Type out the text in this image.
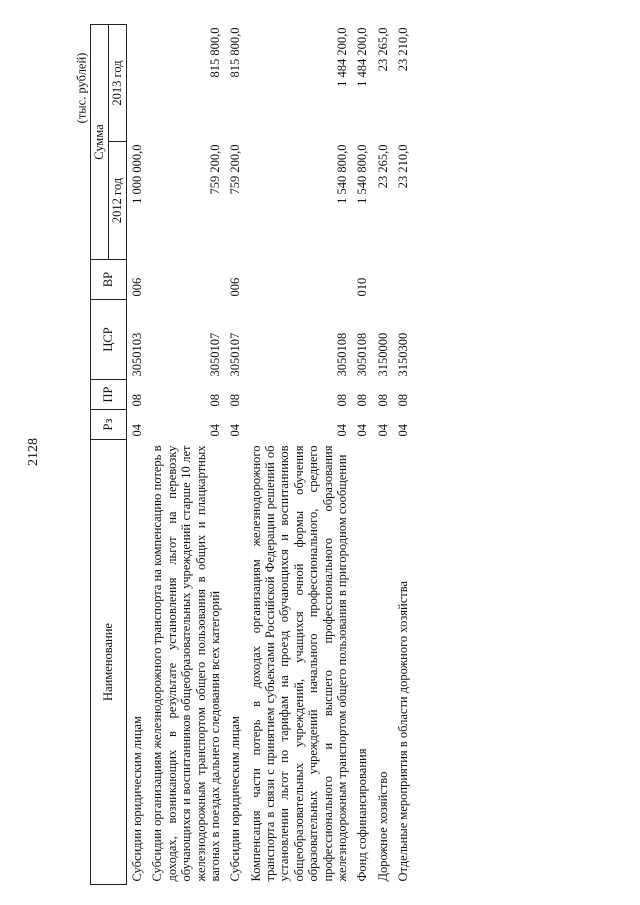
2128
(тыс. рублей)
Наименование	Рз	ПР	ЦСР	ВР	Сумма	
					2012 год	2013 год
Субсидии юридическим лицам	04	08	3050103	006	1 000 000,0	
Субсидии организациям железнодорожного транспорта на компенсацию потерь в доходах, возникающих в результате установления льгот на перевозку обучающихся и воспитанников общеобразовательных учреждений старше 10 лет железнодорожным транспортом общего пользования в общих и плацкартных вагонах в поездах дальнего следования всех категорий	04	08	3050107		759 200,0	815 800,0
Субсидии юридическим лицам	04	08	3050107	006	759 200,0	815 800,0
Компенсация части потерь в доходах организациям железнодорожного транспорта в связи с принятием субъектами Российской Федерации решений об установлении льгот по тарифам на проезд обучающихся и воспитанников общеобразовательных учреждений, учащихся очной формы обучения образовательных учреждений начального профессионального, среднего профессионального и высшего профессионального образования железнодорожным транспортом общего пользования в пригородном сообщении	04	08	3050108		1 540 800,0	1 484 200,0
Фонд софинансирования	04	08	3050108	010	1 540 800,0	1 484 200,0
Дорожное хозяйство	04	08	3150000		23 265,0	23 265,0
Отдельные мероприятия в области дорожного хозяйства	04	08	3150300		23 210,0	23 210,0
